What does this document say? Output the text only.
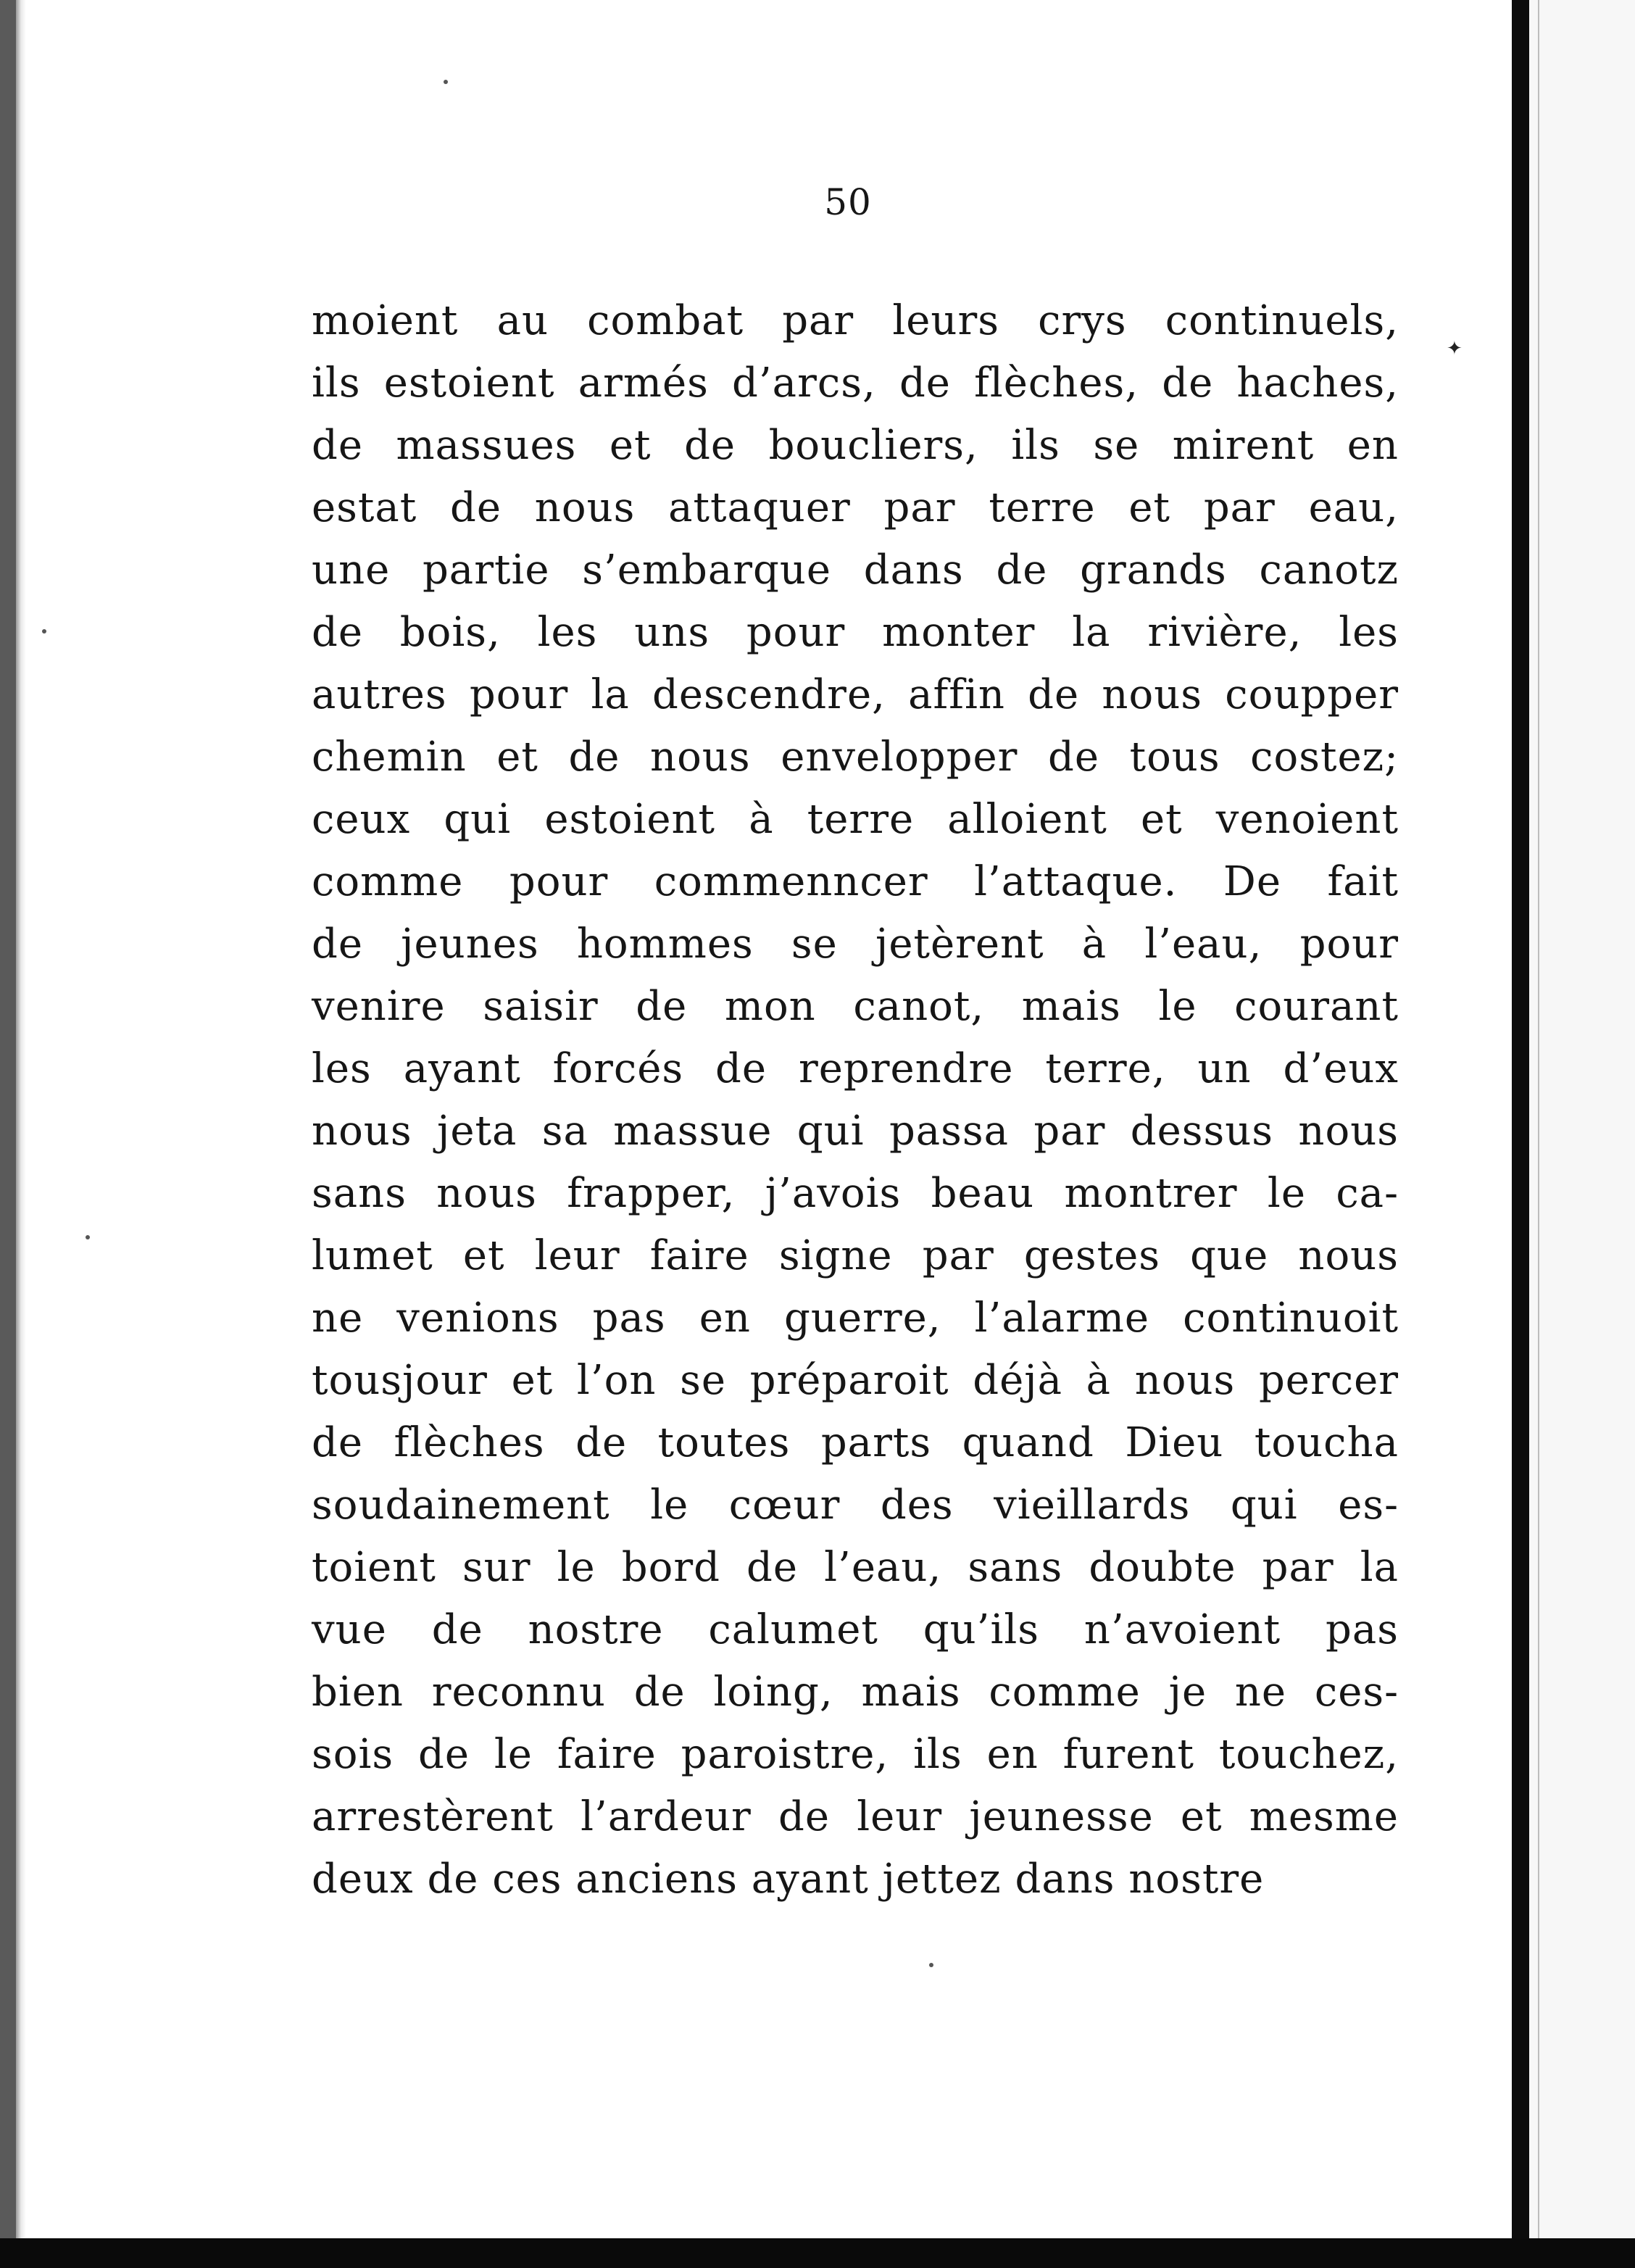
50
moient au combat par leurs crys continuels,
ils estoient armés d’arcs, de flèches, de haches,
de massues et de boucliers, ils se mirent en
estat de nous attaquer par terre et par eau,
une partie s’embarque dans de grands canotz
de bois, les uns pour monter la rivière, les
autres pour la descendre, affin de nous coupper
chemin et de nous envelopper de tous costez;
ceux qui estoient à terre alloient et venoient
comme pour commenncer l’attaque. De fait
de jeunes hommes se jetèrent à l’eau, pour
venire saisir de mon canot, mais le courant
les ayant forcés de reprendre terre, un d’eux
nous jeta sa massue qui passa par dessus nous
sans nous frapper, j’avois beau montrer le ca-
lumet et leur faire signe par gestes que nous
ne venions pas en guerre, l’alarme continuoit
tousjour et l’on se préparoit déjà à nous percer
de flèches de toutes parts quand Dieu toucha
soudainement le cœur des vieillards qui es-
toient sur le bord de l’eau, sans doubte par la
vue de nostre calumet qu’ils n’avoient pas
bien reconnu de loing, mais comme je ne ces-
sois de le faire paroistre, ils en furent touchez,
arrestèrent l’ardeur de leur jeunesse et mesme
deux de ces anciens ayant jettez dans nostre
✦
